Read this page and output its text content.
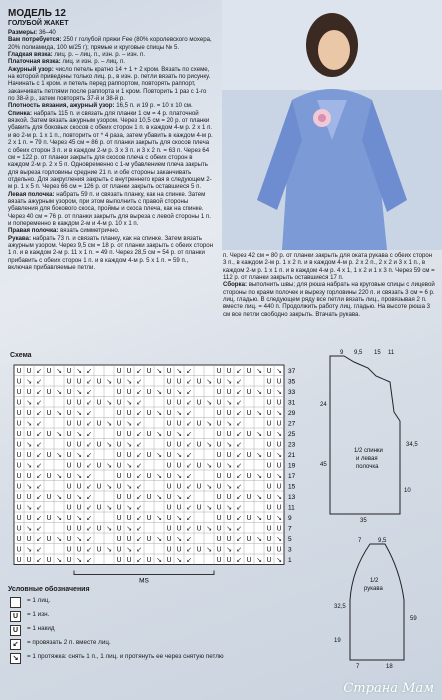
МОДЕЛЬ 12
ГОЛУБОЙ ЖАКЕТ

Размеры: 36–40

Вам потребуется: 250 г голубой пряжи Fee (80% королевского мохера, 20% полиамида, 100 м/25 г); прямые и круговые спицы № 5.

Гладкая вязка: лиц. р. – лиц. п., изн. р. – изн. п.

Платочная вязка: лиц. и изн. р. – лиц. п.

Ажурный узор: число петель кратно 14 + 1 + 2 кром. Вязать по схеме, на которой приведены только лиц. р., в изн. р. петли вязать по рисунку. Начинать с 1 кром. и петель перед раппортом, повторять раппорт, заканчивать петлями после раппорта и 1 кром. Повторить 1 раз с 1-го по 38-й р., затем повторять 37-й и 38-й р.

Плотность вязания, ажурный узор: 16,5 п. и 19 р. = 10 x 10 см.

Спинка: набрать 115 п. и связать для планки 1 см = 4 р. платочной вязкой. Затем вязать ажурным узором. Через 10,5 см = 20 р. от планки убавить для боковых скосов с обеих сторон 1 п. в каждом 4-м р. 2 x 1 п. и во 2-м р. 1 x 1 п., повторить от * 4 раза, затем убавить в каждом 4-м р. 2 x 1 п. = 79 п. Через 45 см = 86 р. от планки закрыть для скосов плеча с обеих сторон 3 п. и в каждом 2-м р. 3 x 3 п. и 3 x 2 п. = 63 п. Через 64 см = 122 р. от планки закрыть для скосов плеча с обеих сторон в каждом 2-м р. 2 x 5 п. Одновременно с 1-м убавлением плеча закрыть для выреза горловины средние 21 п. и обе стороны заканчивать отдельно. Для закругления закрыть с внутреннего края в следующем 2-м р. 1 x 5 п. Через 66 см = 126 р. от планки закрыть оставшиеся 5 п.

Левая полочка: набрать 59 п. и связать планку, как на спинке. Затем вязать ажурным узором, при этом выполнить с правой стороны убавления для бокового скоса, проймы и скоса плеча, как на спинке. Через 40 см = 76 р. от планки закрыть для выреза с левой стороны 1 п. и попеременно в каждом 2-м и 4-м р. 10 x 1 п.

Правая полочка: вязать симметрично.

Рукава: набрать 73 п. и связать планку, как на спинке. Затем вязать ажурным узором. Через 9,5 см = 18 р. от планки закрыть с обеих сторон 1 п. и в каждом 2-м р. 11 x 1 п. = 49 п. Через 28,5 см = 54 р. от планки прибавить с обеих сторон 1 п. и в каждом 4-м р. 5 x 1 п. = 59 п., включая прибавляемые петли.

п. Через 42 см = 80 р. от планки закрыть для оката рукава с обеих сторон 3 п., в каждом 2-м р. 1 x 2 п. и в каждом 4-м р. 2 x 2 п., 2 x 2 и 3 x 1 п., в каждом 2-м р. 1 x 1 п. и в каждом 4-м р. 4 x 1, 1 x 2 и 1 x 3 п. Через 59 см = 112 р. от планки закрыть оставшиеся 17 п.

Сборка: выполнить швы; для рюша набрать на круговые спицы с лицевой стороны по краям полочек и вырезу горловины 220 п. и связать 3 см = 6 р. лиц. гладью. В следующем ряду все петли вязать лиц., провязывая 2 п. вместе лиц. = 440 п. Продолжить работу лиц. гладью. На высоте рюша 3 см все петли свободно закрыть. Втачать рукава.

Схема
U U ↙ U ↘ U ↘ ↙	U U ↙ U ↘ U ↘ ↙	U U ↙ U ↘ U ↘
U ↘ ↙	U U ↙ U ↘ U ↘ ↙	U U ↙ U ↘ U ↘ ↙	U U
U U ↙ U ↘ U ↘ ↙	U U ↙ U ↘ U ↘ ↙	U U ↙ U ↘ U ↘
U ↘ ↙	U U ↙ U ↘ U ↘ ↙	U U ↙ U ↘ U ↘ ↙	U U
U U ↙ U ↘ U ↘ ↙	U U ↙ U ↘ U ↘ ↙	U U ↙ U ↘ U ↘
U ↘ ↙	U U ↙ U ↘ U ↘ ↙	U U ↙ U ↘ U ↘ ↙	U U
U U ↙ U ↘ U ↘ ↙	U U ↙ U ↘ U ↘ ↙	U U ↙ U ↘ U ↘
U ↘ ↙	U U ↙ U ↘ U ↘ ↙	U U ↙ U ↘ U ↘ ↙	U U
U U ↙ U ↘ U ↘ ↙	U U ↙ U ↘ U ↘ ↙	U U ↙ U ↘ U ↘
U ↘ ↙	U U ↙ U ↘ U ↘ ↙	U U ↙ U ↘ U ↘ ↙	U U
U U ↙ U ↘ U ↘ ↙	U U ↙ U ↘ U ↘ ↙	U U ↙ U ↘ U ↘
U ↘ ↙	U U ↙ U ↘ U ↘ ↙	U U ↙ U ↘ U ↘ ↙	U U
U U ↙ U ↘ U ↘ ↙	U U ↙ U ↘ U ↘ ↙	U U ↙ U ↘ U ↘
U ↘ ↙	U U ↙ U ↘ U ↘ ↙	U U ↙ U ↘ U ↘ ↙	U U
U U ↙ U ↘ U ↘ ↙	U U ↙ U ↘ U ↘ ↙	U U ↙ U ↘ U ↘
U ↘ ↙	U U ↙ U ↘ U ↘ ↙	U U ↙ U ↘ U ↘ ↙	U U
U U ↙ U ↘ U ↘ ↙	U U ↙ U ↘ U ↘ ↙	U U ↙ U ↘ U ↘
U ↘ ↙	U U ↙ U ↘ U ↘ ↙	U U ↙ U ↘ U ↘ ↙	U U
U U ↙ U ↘ U ↘ ↙	U U ↙ U ↘ U ↘ ↙	U U ↙ U ↘ U ↘
37
35
33
31
29
27
25
23
21
19
17
15
13
11
9
7
5
3
1
MS
Условные обозначения
= 1 лиц.
U	= 1 изн.
U	= 1 накид
↙	= провязать 2 п. вместе лиц.
↘	= 1 протяжка: снять 1 п., 1 лиц. и протянуть ее через снятую петлю
9 9,5 15 11
24
45
34,5
35
10
1/2 спинки
и левая
полочка
7	9,5
32,5
19
59
7	18
1/2
рукава
Страна Мам
